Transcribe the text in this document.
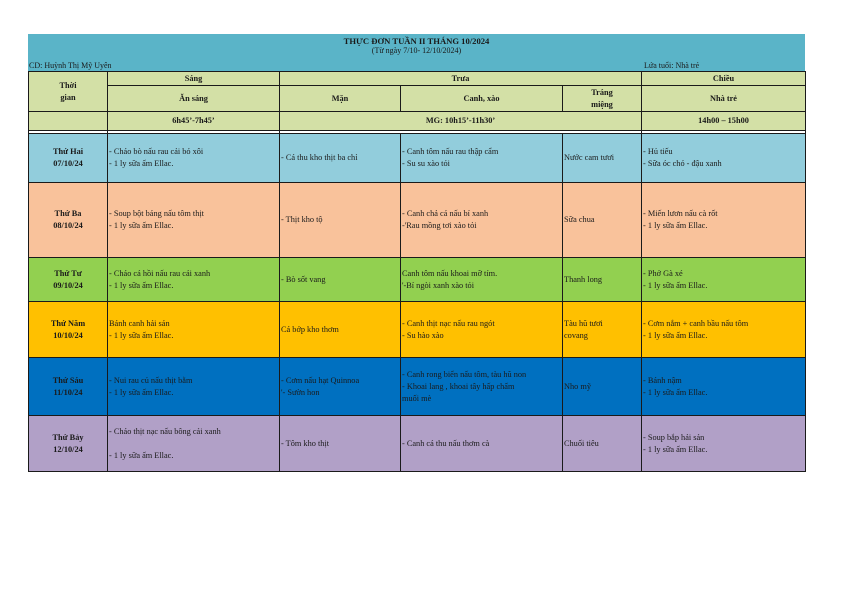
THỰC ĐƠN TUẦN II THÁNG 10/2024
(Từ ngày 7/10- 12/10/2024)
CD: Huỳnh Thị Mỹ Uyên	Lứa tuổi: Nhà trẻ
Thời
gian	Sáng	Trưa			Chiều
	Ăn sáng	Mặn	Canh, xào	Tráng
miệng	Nhà trẻ
	6h45’-7h45’	MG: 10h15’-11h30’			14h00 – 15h00

Thứ Hai
07/10/24	- Cháo bò nấu rau cải bó xôi
- 1 ly sữa ấm Ellac.	- Cá thu kho thịt ba chỉ	- Canh tôm nấu rau thập cẩm
- Su su xào tỏi	Nước cam tươi	- Hủ tiếu
- Sữa óc chó - đậu xanh

Thứ Ba
08/10/24	- Soup bột báng nấu tôm thịt
- 1 ly sữa ấm Ellac.	- Thịt kho tộ	- Canh chả cá nấu bí xanh
-'Rau mồng tơi xào tỏi	Sữa chua	- Miến lươn nấu cà rốt
- 1 ly sữa ấm Ellac.

Thứ Tư
09/10/24	- Cháo cá hồi nấu rau cải xanh
- 1 ly sữa ấm Ellac.	- Bò sốt vang	Canh tôm nấu khoai mỡ tím.
'-Bí ngòi xanh xào tỏi	Thanh long	- Phở Gà xé
- 1 ly sữa ấm Ellac.

Thứ Năm
10/10/24	Bánh canh hải sản
- 1 ly sữa ấm Ellac.	Cá bớp kho thơm	- Canh thịt nạc nấu rau ngót
- Su hào xào	Tàu hũ tươi
covang	- Cơm nắm + canh bầu nấu tôm
- 1 ly sữa ấm Ellac.

Thứ Sáu
11/10/24	- Nui rau củ nấu thịt bằm
- 1 ly sữa ấm Ellac.	- Cơm nấu hạt Quinnoa
'- Sườn hon	- Canh rong biển nấu tôm, tàu hũ non
- Khoai lang , khoai tây hấp chấm
muối mè	Nho mỹ	- Bánh nậm
- 1 ly sữa ấm Ellac.

Thứ Bảy
12/10/24	- Cháo thịt nạc nấu bông cải xanh
- 1 ly sữa ấm Ellac.	- Tôm kho thịt	- Canh cá thu nấu thơm cà	Chuối tiêu	- Soup bắp hải sản
- 1 ly sữa ấm Ellac.
